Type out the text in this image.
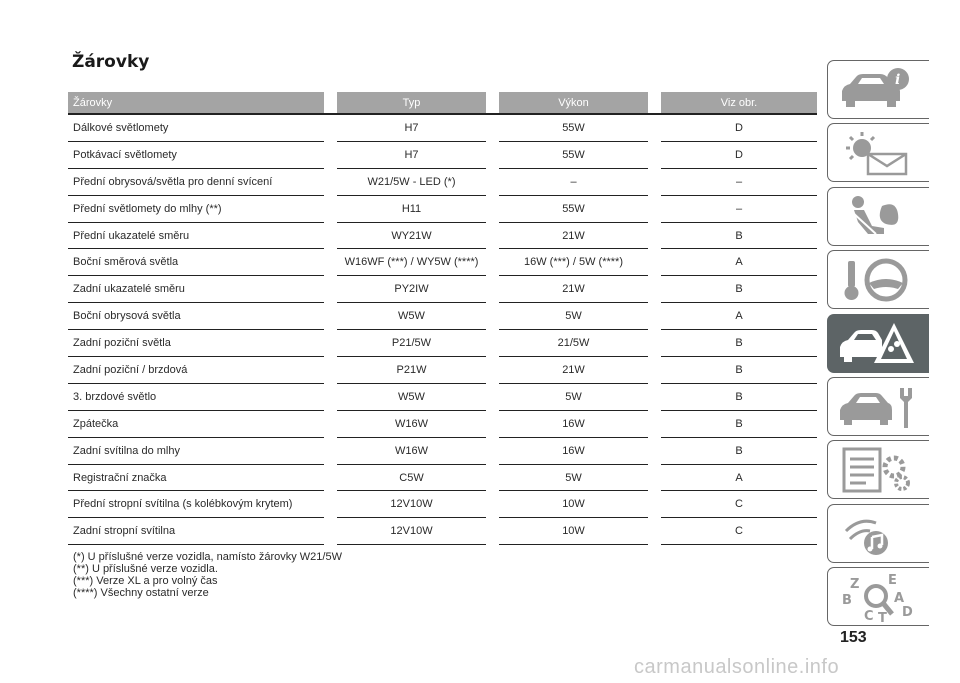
Žárovky
Žárovky		Typ		Výkon		Viz obr.
Dálkové světlomety		H7		55W		D
Potkávací světlomety		H7		55W		D
Přední obrysová/světla pro denní svícení		W21/5W - LED (*)		–		–
Přední světlomety do mlhy (**)		H11		55W		–
Přední ukazatelé směru		WY21W		21W		B
Boční směrová světla		W16WF (***) / WY5W (****)		16W (***) / 5W (****)		A
Zadní ukazatelé směru		PY2IW		21W		B
Boční obrysová světla		W5W		5W		A
Zadní poziční světla		P21/5W		21/5W		B
Zadní poziční / brzdová		P21W		21W		B
3. brzdové světlo		W5W		5W		B
Zpátečka		W16W		16W		B
Zadní svítilna do mlhy		W16W		16W		B
Registrační značka		C5W		5W		A
Přední stropní svítilna (s kolébkovým krytem)		12V10W		10W		C
Zadní stropní svítilna		12V10W		10W		C
(*) U příslušné verze vozidla, namísto žárovky W21/5W
(**) U příslušné verze vozidla.
(***) Verze XL a pro volný čas
(****) Všechny ostatní verze
i
Z E
A
B
C T D
153
carmanualsonline.info
